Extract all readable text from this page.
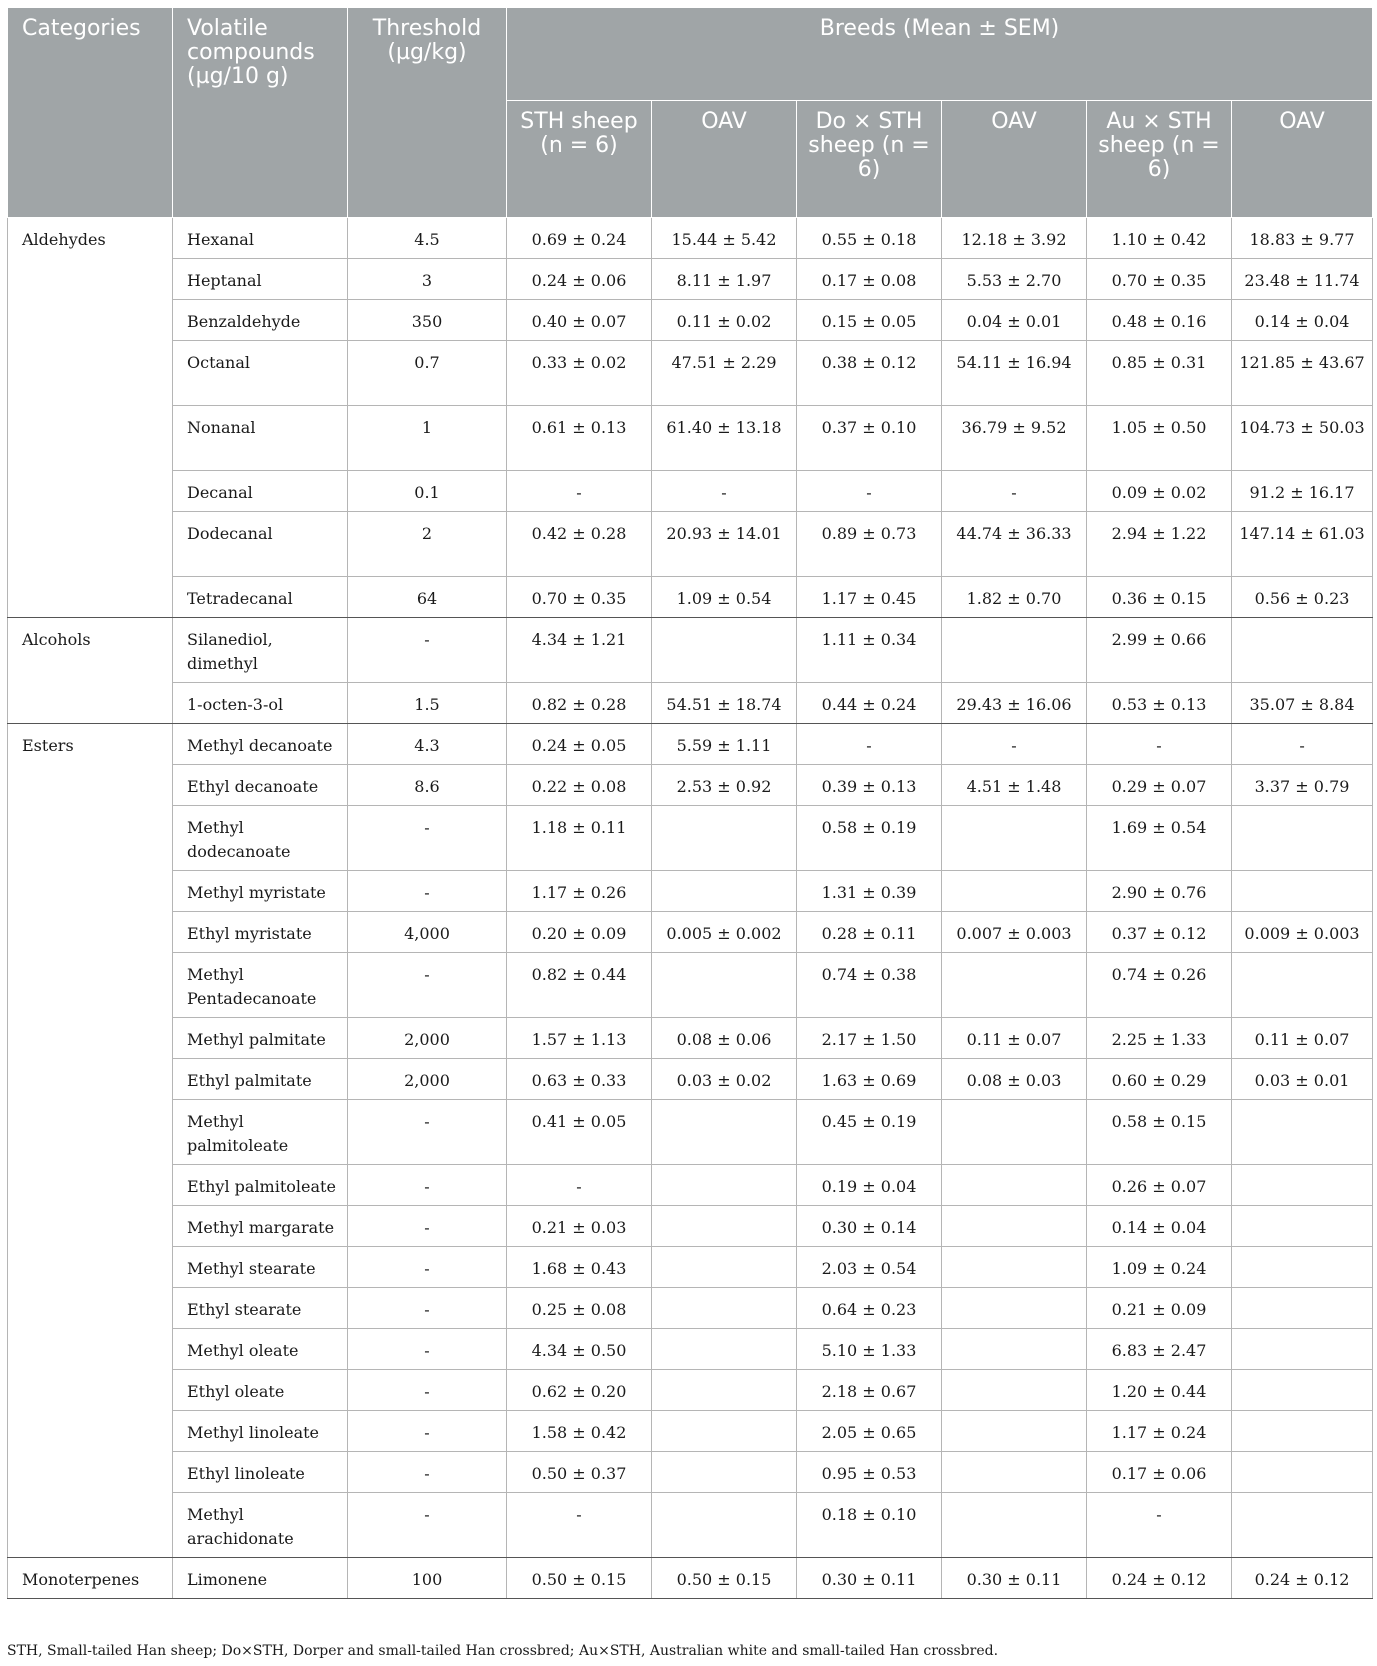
Categories	Volatile compounds (µg/10 g)	Threshold (µg/kg)	Breeds (Mean ± SEM)					
			STH sheep (n = 6)	OAV	Do × STH sheep (n = 6)	OAV	Au × STH sheep (n = 6)	OAV
Aldehydes	Hexanal	4.5	0.69 ± 0.24	15.44 ± 5.42	0.55 ± 0.18	12.18 ± 3.92	1.10 ± 0.42	18.83 ± 9.77
	Heptanal	3	0.24 ± 0.06	8.11 ± 1.97	0.17 ± 0.08	5.53 ± 2.70	0.70 ± 0.35	23.48 ± 11.74
	Benzaldehyde	350	0.40 ± 0.07	0.11 ± 0.02	0.15 ± 0.05	0.04 ± 0.01	0.48 ± 0.16	0.14 ± 0.04
	Octanal	0.7	0.33 ± 0.02	47.51 ± 2.29	0.38 ± 0.12	54.11 ± 16.94	0.85 ± 0.31	121.85 ± 43.67
	Nonanal	1	0.61 ± 0.13	61.40 ± 13.18	0.37 ± 0.10	36.79 ± 9.52	1.05 ± 0.50	104.73 ± 50.03
	Decanal	0.1	-	-	-	-	0.09 ± 0.02	91.2 ± 16.17
	Dodecanal	2	0.42 ± 0.28	20.93 ± 14.01	0.89 ± 0.73	44.74 ± 36.33	2.94 ± 1.22	147.14 ± 61.03
	Tetradecanal	64	0.70 ± 0.35	1.09 ± 0.54	1.17 ± 0.45	1.82 ± 0.70	0.36 ± 0.15	0.56 ± 0.23
Alcohols	Silanediol, dimethyl	-	4.34 ± 1.21		1.11 ± 0.34		2.99 ± 0.66	
	1-octen-3-ol	1.5	0.82 ± 0.28	54.51 ± 18.74	0.44 ± 0.24	29.43 ± 16.06	0.53 ± 0.13	35.07 ± 8.84
Esters	Methyl decanoate	4.3	0.24 ± 0.05	5.59 ± 1.11	-	-	-	-
	Ethyl decanoate	8.6	0.22 ± 0.08	2.53 ± 0.92	0.39 ± 0.13	4.51 ± 1.48	0.29 ± 0.07	3.37 ± 0.79
	Methyl dodecanoate	-	1.18 ± 0.11		0.58 ± 0.19		1.69 ± 0.54	
	Methyl myristate	-	1.17 ± 0.26		1.31 ± 0.39		2.90 ± 0.76	
	Ethyl myristate	4,000	0.20 ± 0.09	0.005 ± 0.002	0.28 ± 0.11	0.007 ± 0.003	0.37 ± 0.12	0.009 ± 0.003
	Methyl Pentadecanoate	-	0.82 ± 0.44		0.74 ± 0.38		0.74 ± 0.26	
	Methyl palmitate	2,000	1.57 ± 1.13	0.08 ± 0.06	2.17 ± 1.50	0.11 ± 0.07	2.25 ± 1.33	0.11 ± 0.07
	Ethyl palmitate	2,000	0.63 ± 0.33	0.03 ± 0.02	1.63 ± 0.69	0.08 ± 0.03	0.60 ± 0.29	0.03 ± 0.01
	Methyl palmitoleate	-	0.41 ± 0.05		0.45 ± 0.19		0.58 ± 0.15	
	Ethyl palmitoleate	-	-		0.19 ± 0.04		0.26 ± 0.07	
	Methyl margarate	-	0.21 ± 0.03		0.30 ± 0.14		0.14 ± 0.04	
	Methyl stearate	-	1.68 ± 0.43		2.03 ± 0.54		1.09 ± 0.24	
	Ethyl stearate	-	0.25 ± 0.08		0.64 ± 0.23		0.21 ± 0.09	
	Methyl oleate	-	4.34 ± 0.50		5.10 ± 1.33		6.83 ± 2.47	
	Ethyl oleate	-	0.62 ± 0.20		2.18 ± 0.67		1.20 ± 0.44	
	Methyl linoleate	-	1.58 ± 0.42		2.05 ± 0.65		1.17 ± 0.24	
	Ethyl linoleate	-	0.50 ± 0.37		0.95 ± 0.53		0.17 ± 0.06	
	Methyl arachidonate	-	-		0.18 ± 0.10		-	
Monoterpenes	Limonene	100	0.50 ± 0.15	0.50 ± 0.15	0.30 ± 0.11	0.30 ± 0.11	0.24 ± 0.12	0.24 ± 0.12
STH, Small-tailed Han sheep; Do×STH, Dorper and small-tailed Han crossbred; Au×STH, Australian white and small-tailed Han crossbred.
